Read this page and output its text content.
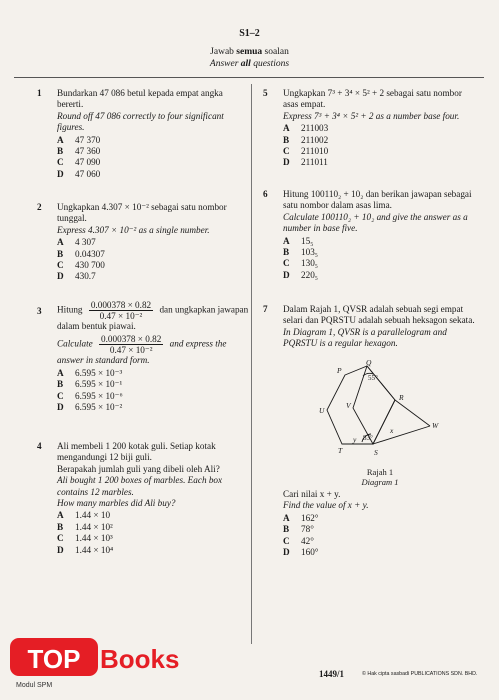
S1–2
Jawab semua soalan
Answer all questions
1 Bundarkan 47 086 betul kepada empat angka bererti.
Round off 47 086 correctly to four significant figures.
A	47 370
B	47 360
C	47 090
D	47 060
2 Ungkapkan 4.307 × 10⁻² sebagai satu nombor tunggal.
Express 4.307 × 10⁻² as a single number.
A	4 307
B	0.04307
C	430 700
D	430.7
3 Hitung $\frac{0.000378 \times 0.82}{\text{0.47 × 10⁻²}}$ dan ungkapkan jawapan dalam bentuk piawai.
Calculate $\frac{0.000378 \times 0.82}{\text{0.47 × 10⁻²}}$ and express the answer in standard form.
A	6.595 × 10⁻³
B	6.595 × 10⁻¹
C	6.595 × 10⁻⁶
D	6.595 × 10⁻²
4 Ali membeli 1 200 kotak guli. Setiap kotak mengandungi 12 biji guli.
Berapakah jumlah guli yang dibeli oleh Ali?
Ali bought 1 200 boxes of marbles. Each box contains 12 marbles.
How many marbles did Ali buy?
A	1.44 × 10
B	1.44 × 10²
C	1.44 × 10³
D	1.44 × 10⁴
5 Ungkapkan 7³ + 3⁴ × 5² + 2 sebagai satu nombor asas empat.
Express 7³ + 3⁴ × 5² + 2 as a number base four.
A	211003
B	211002
C	211010
D	211011
6 Hitung 100110₂ + 10₂ dan berikan jawapan sebagai satu nombor dalam asas lima.
Calculate 100110₂ + 10₂ and give the answer as a number in base five.
A	15₅
B	103₅
C	130₅
D	220₅
7 Dalam Rajah 1, QVSR adalah sebuah segi empat selari dan PQRSTU adalah sebuah heksagon sekata.
In Diagram 1, QVSR is a parallelogram and PQRSTU is a regular hexagon.
P
Q
R
S
T
U
V
W
x
y
55°
83°
Rajah 1
Diagram 1
Cari nilai x + y.
Find the value of x + y.
A	162°
B	78°
C	42°
D	160°
TOP Books
Modul SPM
1449/1	© Hak cipta sasbadi PUBLICATIONS SDN. BHD.
